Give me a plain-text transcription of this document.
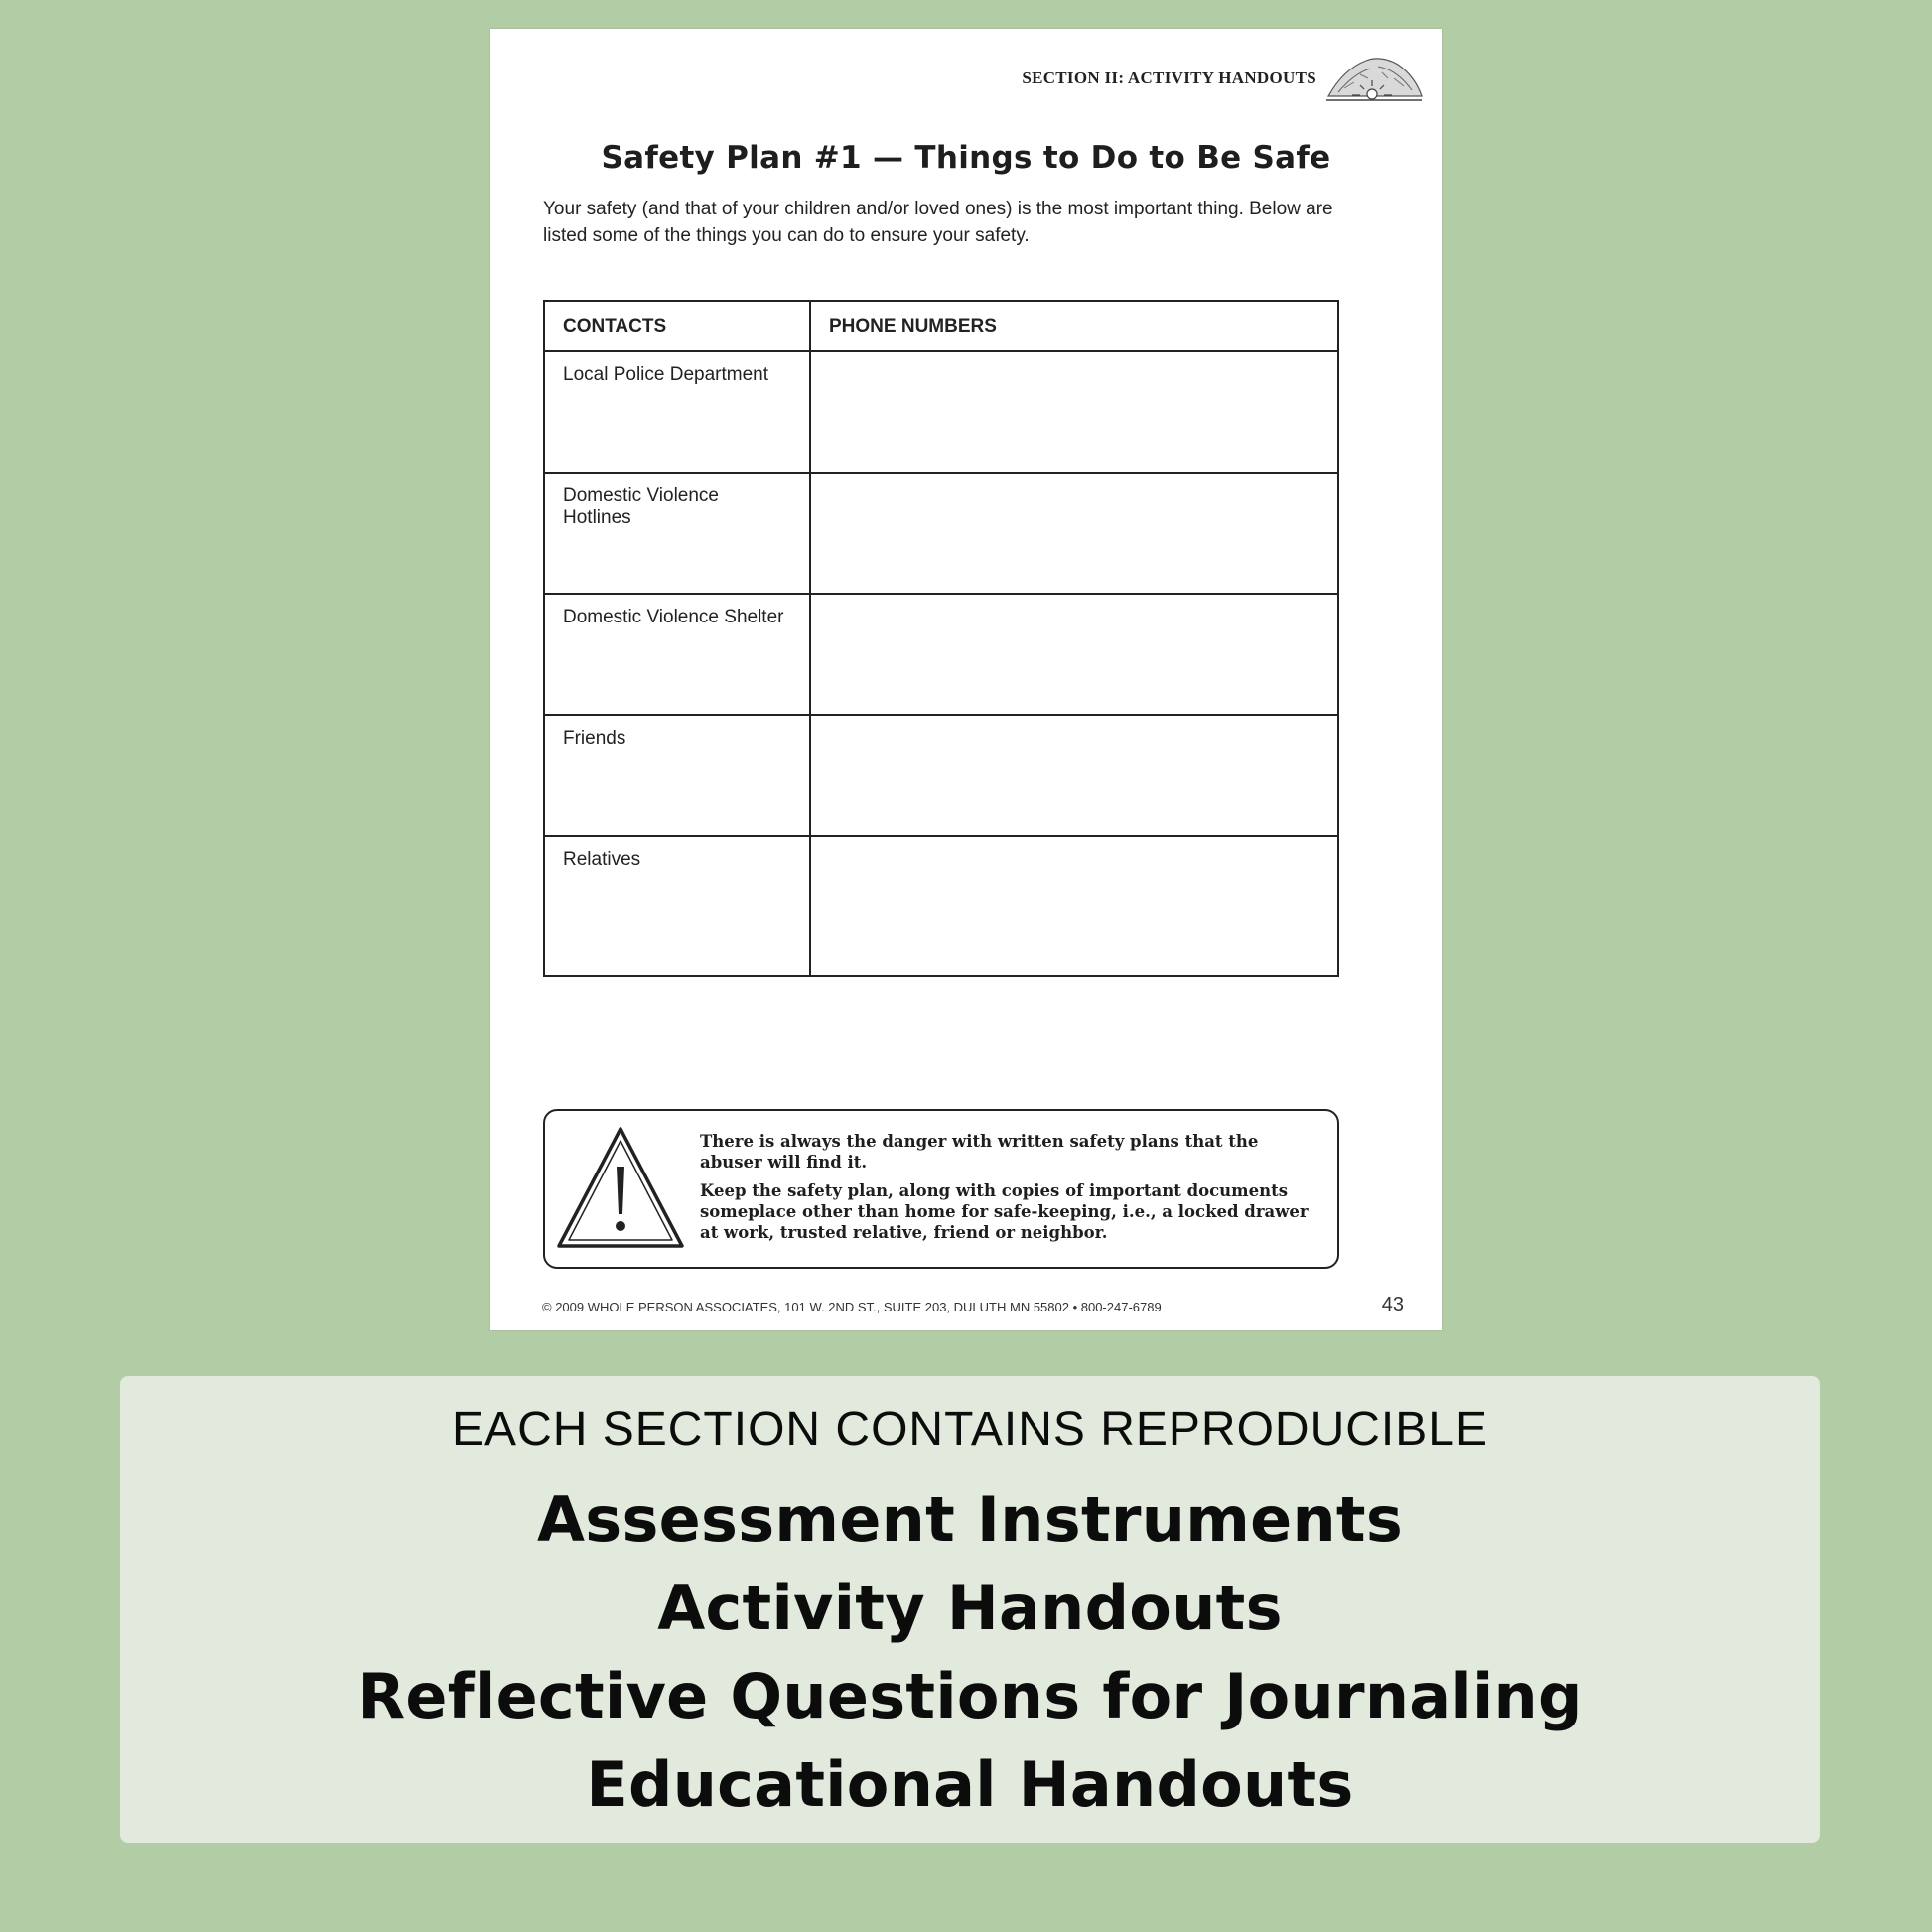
SECTION II: ACTIVITY HANDOUTS
Safety Plan #1 — Things to Do to Be Safe
Your safety (and that of your children and/or loved ones) is the most important thing. Below are listed some of the things you can do to ensure your safety.
CONTACTS	PHONE NUMBERS
Local Police Department	
Domestic Violence Hotlines	
Domestic Violence Shelter	
Friends	
Relatives	

There is always the danger with written safety plans that the abuser will find it.

Keep the safety plan, along with copies of important documents someplace other than home for safe-keeping, i.e., a locked drawer at work, trusted relative, friend or neighbor.

© 2009 WHOLE PERSON ASSOCIATES, 101 W. 2ND ST., SUITE 203, DULUTH MN 55802 • 800-247-6789	43
EACH SECTION CONTAINS REPRODUCIBLE
Assessment Instruments
Activity Handouts
Reflective Questions for Journaling
Educational Handouts
